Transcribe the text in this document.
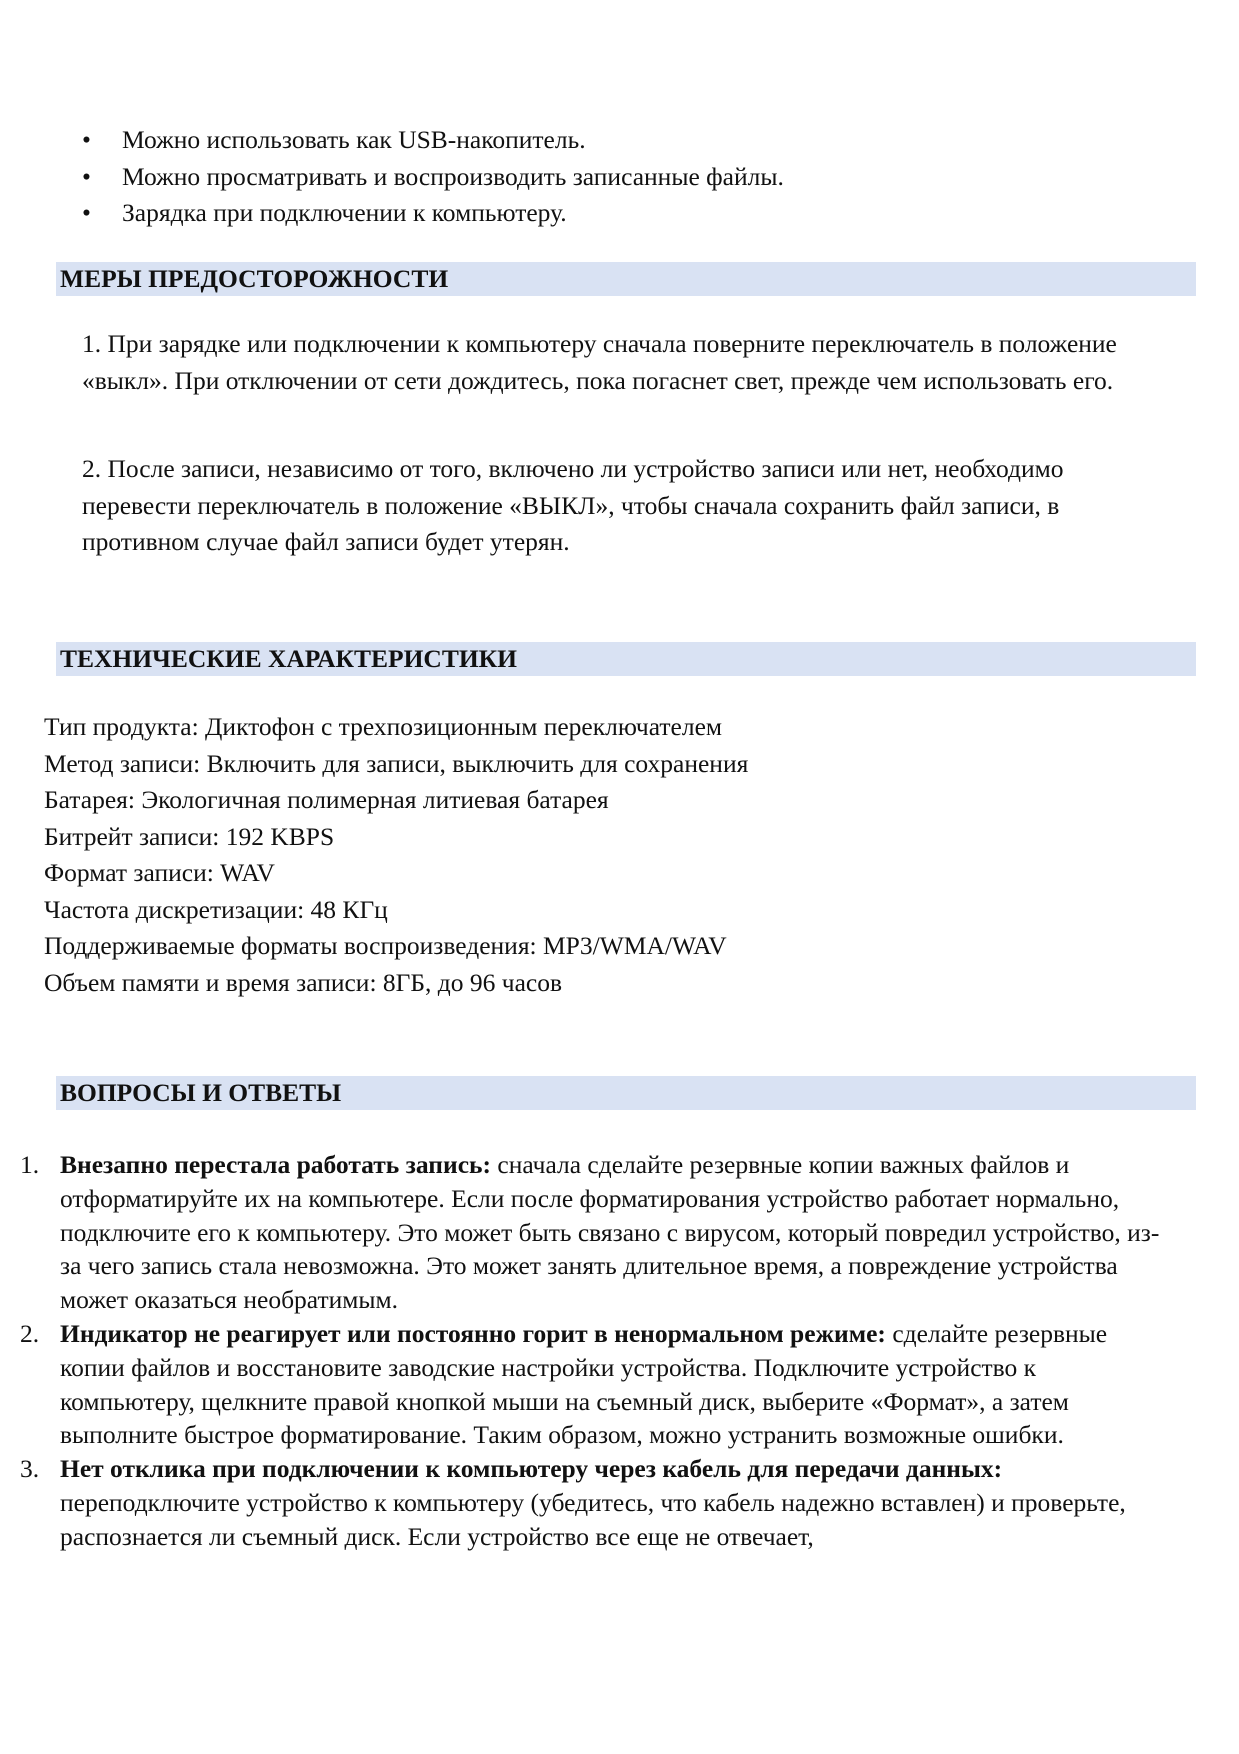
• Можно использовать как USB-накопитель.
• Можно просматривать и воспроизводить записанные файлы.
• Зарядка при подключении к компьютеру.
МЕРЫ ПРЕДОСТОРОЖНОСТИ

1. При зарядке или подключении к компьютеру сначала поверните переключатель в положение «выкл». При отключении от сети дождитесь, пока погаснет свет, прежде чем использовать его.

2. После записи, независимо от того, включено ли устройство записи или нет, необходимо перевести переключатель в положение «ВЫКЛ», чтобы сначала сохранить файл записи, в противном случае файл записи будет утерян.

ТЕХНИЧЕСКИЕ ХАРАКТЕРИСТИКИ
Тип продукта: Диктофон с трехпозиционным переключателем
Метод записи: Включить для записи, выключить для сохранения
Батарея: Экологичная полимерная литиевая батарея
Битрейт записи: 192 KBPS
Формат записи: WAV
Частота дискретизации: 48 КГц
Поддерживаемые форматы воспроизведения: MP3/WMA/WAV
Объем памяти и время записи: 8ГБ, до 96 часов
ВОПРОСЫ И ОТВЕТЫ
1. Внезапно перестала работать запись: сначала сделайте резервные копии важных файлов и отформатируйте их на компьютере. Если после форматирования устройство работает нормально, подключите его к компьютеру. Это может быть связано с вирусом, который повредил устройство, из-за чего запись стала невозможна. Это может занять длительное время, а повреждение устройства может оказаться необратимым.
2. Индикатор не реагирует или постоянно горит в ненормальном режиме: сделайте резервные копии файлов и восстановите заводские настройки устройства. Подключите устройство к компьютеру, щелкните правой кнопкой мыши на съемный диск, выберите «Формат», а затем выполните быстрое форматирование. Таким образом, можно устранить возможные ошибки.
3. Нет отклика при подключении к компьютеру через кабель для передачи данных: переподключите устройство к компьютеру (убедитесь, что кабель надежно вставлен) и проверьте, распознается ли съемный диск. Если устройство все еще не отвечает,
